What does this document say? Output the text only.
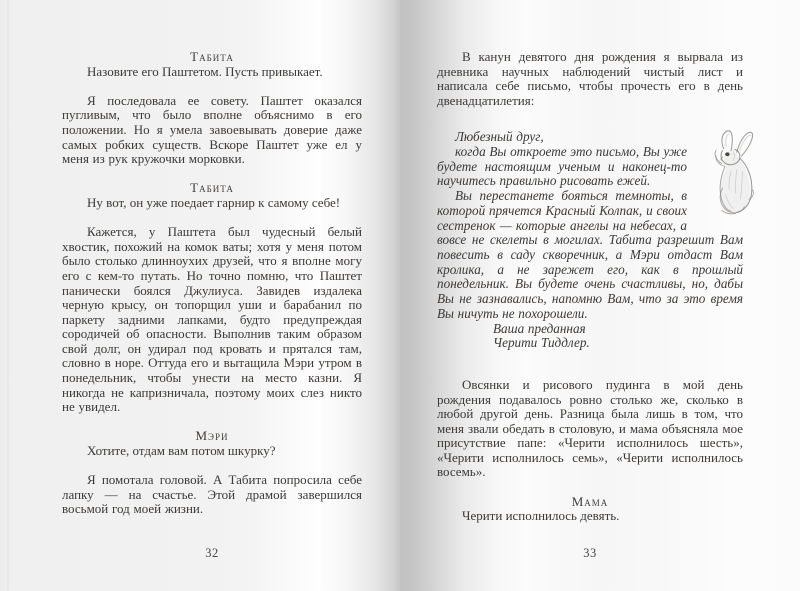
Табита

Назовите его Паштетом. Пусть привыкает.

Я последовала ее совету. Паштет оказался пугливым, что было вполне объяснимо в его положении. Но я умела завоевывать доверие даже самых робких существ. Вскоре Паштет уже ел у меня из рук кружочки морковки.

Табита

Ну вот, он уже поедает гарнир к самому себе!

Кажется, у Паштета был чудесный белый хвостик, похожий на комок ваты; хотя у меня потом было столько длинноухих друзей, что я вполне могу его с кем-то путать. Но точно помню, что Паштет панически боялся Джулиуса. Завидев издалека черную крысу, он топорщил уши и барабанил по паркету задними лапками, будто предупреждая сородичей об опасности. Выполнив таким образом свой долг, он удирал под кровать и прятался там, словно в норе. Оттуда его и вытащила Мэри утром в понедельник, чтобы унести на место казни. Я никогда не капризничала, поэтому моих слез никто не увидел.

Мэри

Хотите, отдам вам потом шкурку?

Я помотала головой. А Табита попросила себе лапку — на счастье. Этой драмой завершился восьмой год моей жизни.

32

В канун девятого дня рождения я вырвала из дневника научных наблюдений чистый лист и написала себе письмо, чтобы прочесть его в день двенадцатилетия:

Любезный друг,

когда Вы откроете это письмо, Вы уже будете настоящим ученым и наконец-то научитесь правильно рисовать ежей.

Вы перестанете бояться темноты, в которой прячется Красный Колпак, и своих сестренок — которые ангелы на небесах, а вовсе не скелеты в могилах. Табита разрешит Вам повесить в саду скворечник, а Мэри отдаст Вам кролика, а не зарежет его, как в прошлый понедельник. Вы будете очень счастливы, но, дабы Вы не зазнавались, напомню Вам, что за это время Вы ничуть не похорошели.

Ваша преданная

Черити Тиддлер.

Овсянки и рисового пудинга в мой день рождения подавалось ровно столько же, сколько в любой другой день. Разница была лишь в том, что меня звали обедать в столовую, и мама объясняла мое присутствие папе: «Черити исполнилось шесть», «Черити исполнилось семь», «Черити исполнилось восемь».

Мама

Черити исполнилось девять.

33
